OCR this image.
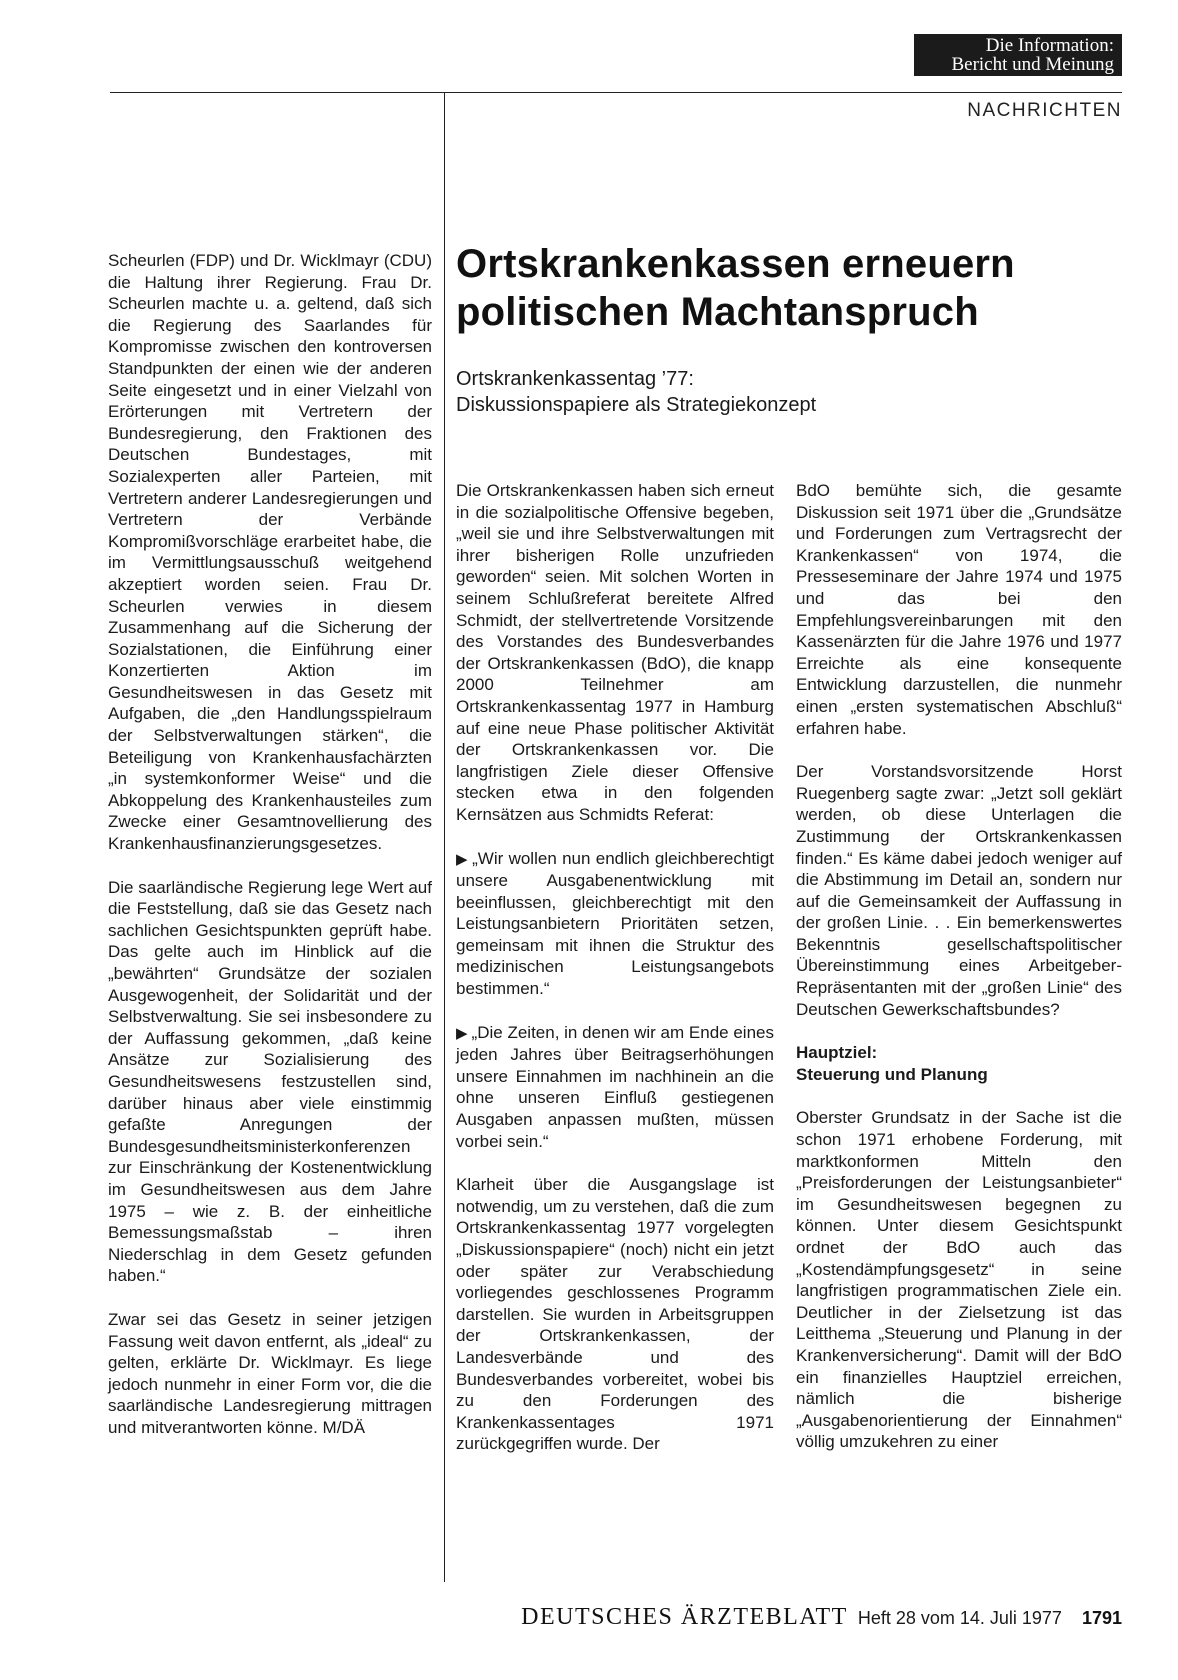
Die Information:
Bericht und Meinung
NACHRICHTEN
Ortskrankenkassen erneuern politischen Machtanspruch
Ortskrankenkassentag ’77:
Diskussionspapiere als Strategiekonzept

Scheurlen (FDP) und Dr. Wicklmayr (CDU) die Haltung ihrer Regierung. Frau Dr. Scheurlen machte u. a. geltend, daß sich die Regierung des Saarlandes für Kompromisse zwischen den kontroversen Standpunkten der einen wie der anderen Seite eingesetzt und in einer Vielzahl von Erörterungen mit Vertretern der Bundesregierung, den Fraktionen des Deutschen Bundestages, mit Sozialexperten aller Parteien, mit Vertretern anderer Landesregierungen und Vertretern der Verbände Kompromißvorschläge erarbeitet habe, die im Vermittlungsausschuß weitgehend akzeptiert worden seien. Frau Dr. Scheurlen verwies in diesem Zusammenhang auf die Sicherung der Sozialstationen, die Einführung einer Konzertierten Aktion im Gesundheitswesen in das Gesetz mit Aufgaben, die „den Handlungsspielraum der Selbstverwaltungen stärken“, die Beteiligung von Krankenhausfachärzten „in systemkonformer Weise“ und die Abkoppelung des Krankenhausteiles zum Zwecke einer Gesamtnovellierung des Krankenhausfinanzierungsgesetzes.

Die saarländische Regierung lege Wert auf die Feststellung, daß sie das Gesetz nach sachlichen Gesichtspunkten geprüft habe. Das gelte auch im Hinblick auf die „bewährten“ Grundsätze der sozialen Ausgewogenheit, der Solidarität und der Selbstverwaltung. Sie sei insbesondere zu der Auffassung gekommen, „daß keine Ansätze zur Sozialisierung des Gesundheitswesens festzustellen sind, darüber hinaus aber viele einstimmig gefaßte Anregungen der Bundesgesundheitsministerkonferenzen zur Einschränkung der Kostenentwicklung im Gesundheitswesen aus dem Jahre 1975 – wie z. B. der einheitliche Bemessungsmaßstab – ihren Niederschlag in dem Gesetz gefunden haben.“

Zwar sei das Gesetz in seiner jetzigen Fassung weit davon entfernt, als „ideal“ zu gelten, erklärte Dr. Wicklmayr. Es liege jedoch nunmehr in einer Form vor, die die saarländische Landesregierung mittragen und mitverantworten könne. M/DÄ

Die Ortskrankenkassen haben sich erneut in die sozialpolitische Offensive begeben, „weil sie und ihre Selbstverwaltungen mit ihrer bisherigen Rolle unzufrieden geworden“ seien. Mit solchen Worten in seinem Schlußreferat bereitete Alfred Schmidt, der stellvertretende Vorsitzende des Vorstandes des Bundesverbandes der Ortskrankenkassen (BdO), die knapp 2000 Teilnehmer am Ortskrankenkassentag 1977 in Hamburg auf eine neue Phase politischer Aktivität der Ortskrankenkassen vor. Die langfristigen Ziele dieser Offensive stecken etwa in den folgenden Kernsätzen aus Schmidts Referat:

▶ „Wir wollen nun endlich gleichberechtigt unsere Ausgabenentwicklung mit beeinflussen, gleichberechtigt mit den Leistungsanbietern Prioritäten setzen, gemeinsam mit ihnen die Struktur des medizinischen Leistungsangebots bestimmen.“

▶ „Die Zeiten, in denen wir am Ende eines jeden Jahres über Beitragserhöhungen unsere Einnahmen im nachhinein an die ohne unseren Einfluß gestiegenen Ausgaben anpassen mußten, müssen vorbei sein.“

Klarheit über die Ausgangslage ist notwendig, um zu verstehen, daß die zum Ortskrankenkassentag 1977 vorgelegten „Diskussionspapiere“ (noch) nicht ein jetzt oder später zur Verabschiedung vorliegendes geschlossenes Programm darstellen. Sie wurden in Arbeitsgruppen der Ortskrankenkassen, der Landesverbände und des Bundesverbandes vorbereitet, wobei bis zu den Forderungen des Krankenkassentages 1971 zurückgegriffen wurde. Der

BdO bemühte sich, die gesamte Diskussion seit 1971 über die „Grundsätze und Forderungen zum Vertragsrecht der Krankenkassen“ von 1974, die Presseseminare der Jahre 1974 und 1975 und das bei den Empfehlungsvereinbarungen mit den Kassenärzten für die Jahre 1976 und 1977 Erreichte als eine konsequente Entwicklung darzustellen, die nunmehr einen „ersten systematischen Abschluß“ erfahren habe.

Der Vorstandsvorsitzende Horst Ruegenberg sagte zwar: „Jetzt soll geklärt werden, ob diese Unterlagen die Zustimmung der Ortskrankenkassen finden.“ Es käme dabei jedoch weniger auf die Abstimmung im Detail an, sondern nur auf die Gemeinsamkeit der Auffassung in der großen Linie. . . Ein bemerkenswertes Bekenntnis gesellschaftspolitischer Übereinstimmung eines Arbeitgeber-Repräsentanten mit der „großen Linie“ des Deutschen Gewerkschaftsbundes?

Hauptziel:
Steuerung und Planung

Oberster Grundsatz in der Sache ist die schon 1971 erhobene Forderung, mit marktkonformen Mitteln den „Preisforderungen der Leistungsanbieter“ im Gesundheitswesen begegnen zu können. Unter diesem Gesichtspunkt ordnet der BdO auch das „Kostendämpfungsgesetz“ in seine langfristigen programmatischen Ziele ein. Deutlicher in der Zielsetzung ist das Leitthema „Steuerung und Planung in der Krankenversicherung“. Damit will der BdO ein finanzielles Hauptziel erreichen, nämlich die bisherige „Ausgabenorientierung der Einnahmen“ völlig umzukehren zu einer

DEUTSCHES ÄRZTEBLATT Heft 28 vom 14. Juli 1977 1791
